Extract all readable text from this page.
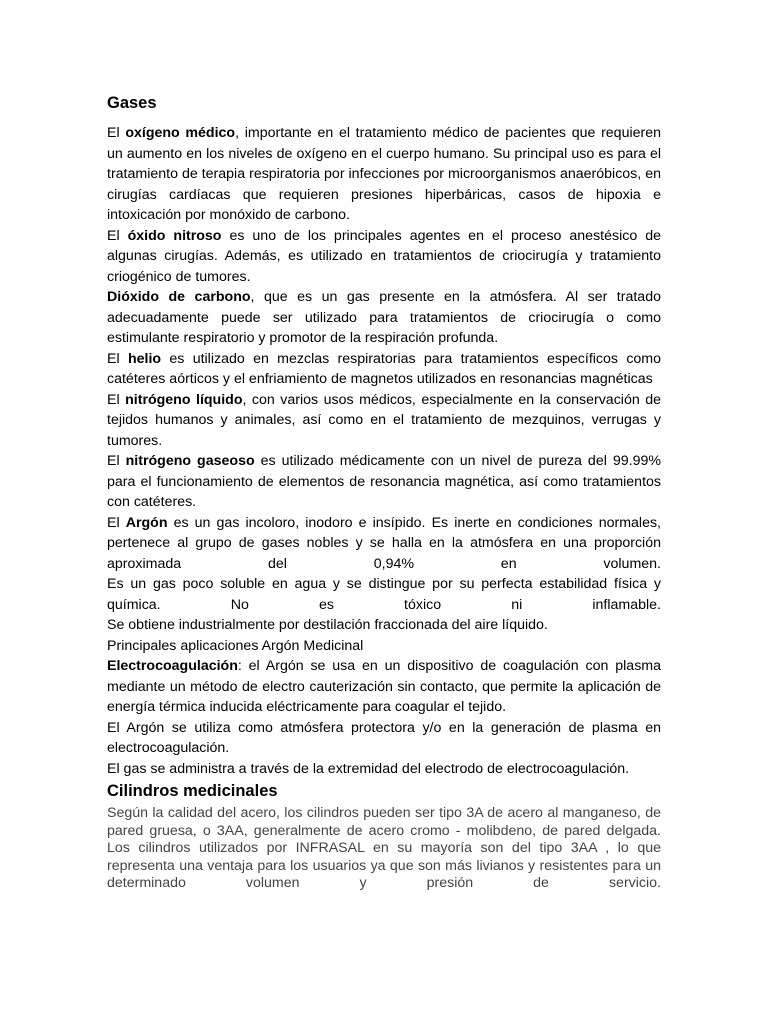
Gases

El oxígeno médico, importante en el tratamiento médico de pacientes que requieren un aumento en los niveles de oxígeno en el cuerpo humano. Su principal uso es para el tratamiento de terapia respiratoria por infecciones por microorganismos anaeróbicos, en cirugías cardíacas que requieren presiones hiperbáricas, casos de hipoxia e intoxicación por monóxido de carbono.

El óxido nitroso es uno de los principales agentes en el proceso anestésico de algunas cirugías. Además, es utilizado en tratamientos de criocirugía y tratamiento criogénico de tumores.

Dióxido de carbono, que es un gas presente en la atmósfera. Al ser tratado adecuadamente puede ser utilizado para tratamientos de criocirugía o como estimulante respiratorio y promotor de la respiración profunda.

El helio es utilizado en mezclas respiratorias para tratamientos específicos como catéteres aórticos y el enfriamiento de magnetos utilizados en resonancias magnéticas

El nitrógeno líquido, con varios usos médicos, especialmente en la conservación de tejidos humanos y animales, así como en el tratamiento de mezquinos, verrugas y tumores.

El nitrógeno gaseoso es utilizado médicamente con un nivel de pureza del 99.99% para el funcionamiento de elementos de resonancia magnética, así como tratamientos con catéteres.

El Argón es un gas incoloro, inodoro e insípido. Es inerte en condiciones normales, pertenece al grupo de gases nobles y se halla en la atmósfera en una proporción aproximada del 0,94% en volumen.

Es un gas poco soluble en agua y se distingue por su perfecta estabilidad física y química. No es tóxico ni inflamable.

Se obtiene industrialmente por destilación fraccionada del aire líquido.

Principales aplicaciones Argón Medicinal

Electrocoagulación: el Argón se usa en un dispositivo de coagulación con plasma mediante un método de electro cauterización sin contacto, que permite la aplicación de energía térmica inducida eléctricamente para coagular el tejido.

El Argón se utiliza como atmósfera protectora y/o en la generación de plasma en electrocoagulación.

El gas se administra a través de la extremidad del electrodo de electrocoagulación.

Cilindros medicinales

Según la calidad del acero, los cilindros pueden ser tipo 3A de acero al manganeso, de pared gruesa, o 3AA, generalmente de acero cromo - molibdeno, de pared delgada. Los cilindros utilizados por INFRASAL en su mayoría son del tipo 3AA , lo que representa una ventaja para los usuarios ya que son más livianos y resistentes para un determinado volumen y presión de servicio.
